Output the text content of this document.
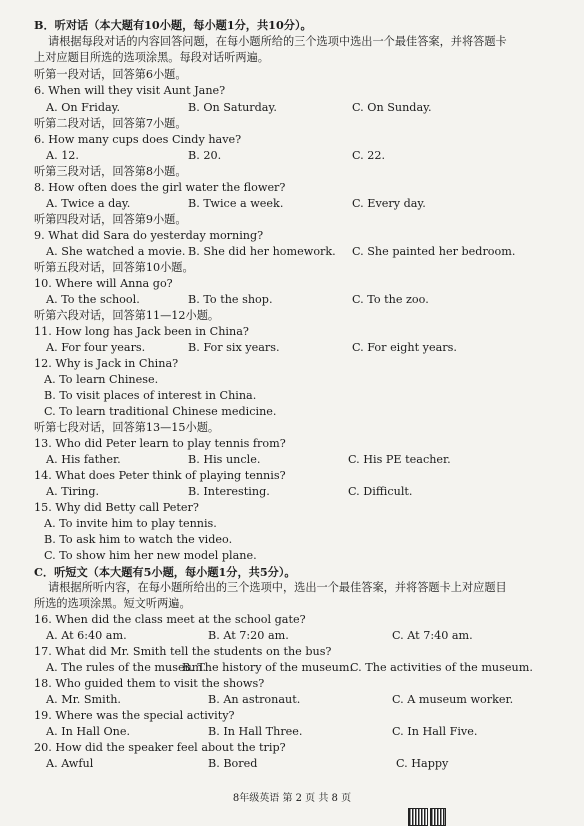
B．听对话（本大题有10小题，每小题1分，共10分）。
请根据每段对话的内容回答问题，在每小题所给的三个选项中选出一个最佳答案，并将答题卡
上对应题目所选的选项涂黑。每段对话听两遍。
听第一段对话，回答第6小题。
6. When will they visit Aunt Jane?
A. On Friday.	B. On Saturday.	C. On Sunday.
听第二段对话，回答第7小题。
6. How many cups does Cindy have?
A. 12.	B. 20.	C. 22.
听第三段对话，回答第8小题。
8. How often does the girl water the flower?
A. Twice a day.	B. Twice a week.	C. Every day.
听第四段对话，回答第9小题。
9. What did Sara do yesterday morning?
A. She watched a movie. B. She did her homework. C. She painted her bedroom.
听第五段对话，回答第10小题。
10. Where will Anna go?
A. To the school.	B. To the shop.	C. To the zoo.
听第六段对话，回答第11—12小题。
11. How long has Jack been in China?
A. For four years.	B. For six years.	C. For eight years.
12. Why is Jack in China?
A. To learn Chinese.
B. To visit places of interest in China.
C. To learn traditional Chinese medicine.
听第七段对话，回答第13—15小题。
13. Who did Peter learn to play tennis from?
A. His father.	B. His uncle.	C. His PE teacher.
14. What does Peter think of playing tennis?
A. Tiring.	B. Interesting.	C. Difficult.
15. Why did Betty call Peter?
A. To invite him to play tennis.
B. To ask him to watch the video.
C. To show him her new model plane.
C．听短文（本大题有5小题，每小题1分，共5分）。
请根据所听内容，在每小题所给出的三个选项中，选出一个最佳答案，并将答题卡上对应题目
所选的选项涂黑。短文听两遍。
16. When did the class meet at the school gate?
A. At 6:40 am.	B. At 7:20 am.	C. At 7:40 am.
17. What did Mr. Smith tell the students on the bus?
A. The rules of the museum.
B. The history of the museum.
C. The activities of the museum.
18. Who guided them to visit the shows?
A. Mr. Smith.	B. An astronaut.	C. A museum worker.
19. Where was the special activity?
A. In Hall One.	B. In Hall Three.	C. In Hall Five.
20. How did the speaker feel about the trip?
A. Awful	B. Bored	C. Happy
8年级英语 第 2 页 共 8 页
